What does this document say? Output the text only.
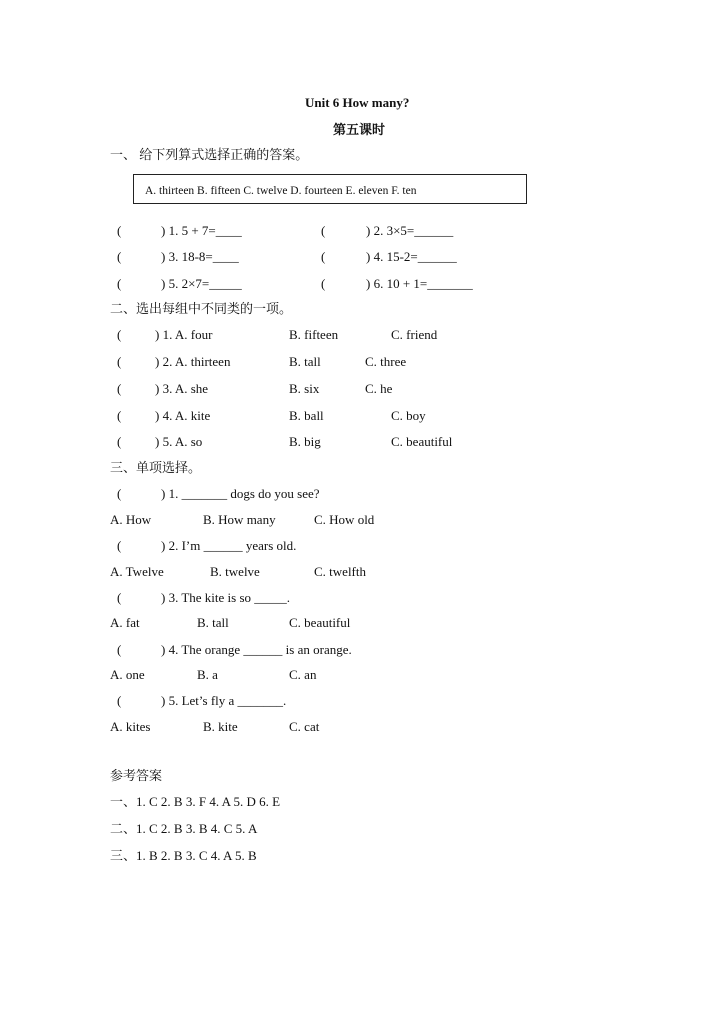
Unit 6 How many?
第五课时
一、 给下列算式选择正确的答案。
A. thirteen B. fifteen C. twelve D. fourteen E. eleven F. ten
(	) 1. 5 + 7=____	(	) 2. 3×5=______
(	) 3. 18-8=____	(	) 4. 15-2=______
(	) 5. 2×7=_____	(	) 6. 10 + 1=_______
二、选出每组中不同类的一项。
(	) 1. A. four	B. fifteen	C. friend
(	) 2. A. thirteen	B. tall	C. three
(	) 3. A. she	B. six	C. he
(	) 4. A. kite	B. ball	C. boy
(	) 5. A. so	B. big	C. beautiful
三、单项选择。
(	) 1. _______ dogs do you see?
A. How	B. How many	C. How old
(	) 2. I’m ______ years old.
A. Twelve	B. twelve	C. twelfth
(	) 3. The kite is so _____.
A. fat	B. tall	C. beautiful
(	) 4. The orange ______ is an orange.
A. one	B. a	C. an
(	) 5. Let’s fly a _______.
A. kites	B. kite	C. cat
参考答案
一、1. C 2. B 3. F 4. A 5. D 6. E
二、1. C 2. B 3. B 4. C 5. A
三、1. B 2. B 3. C 4. A 5. B
